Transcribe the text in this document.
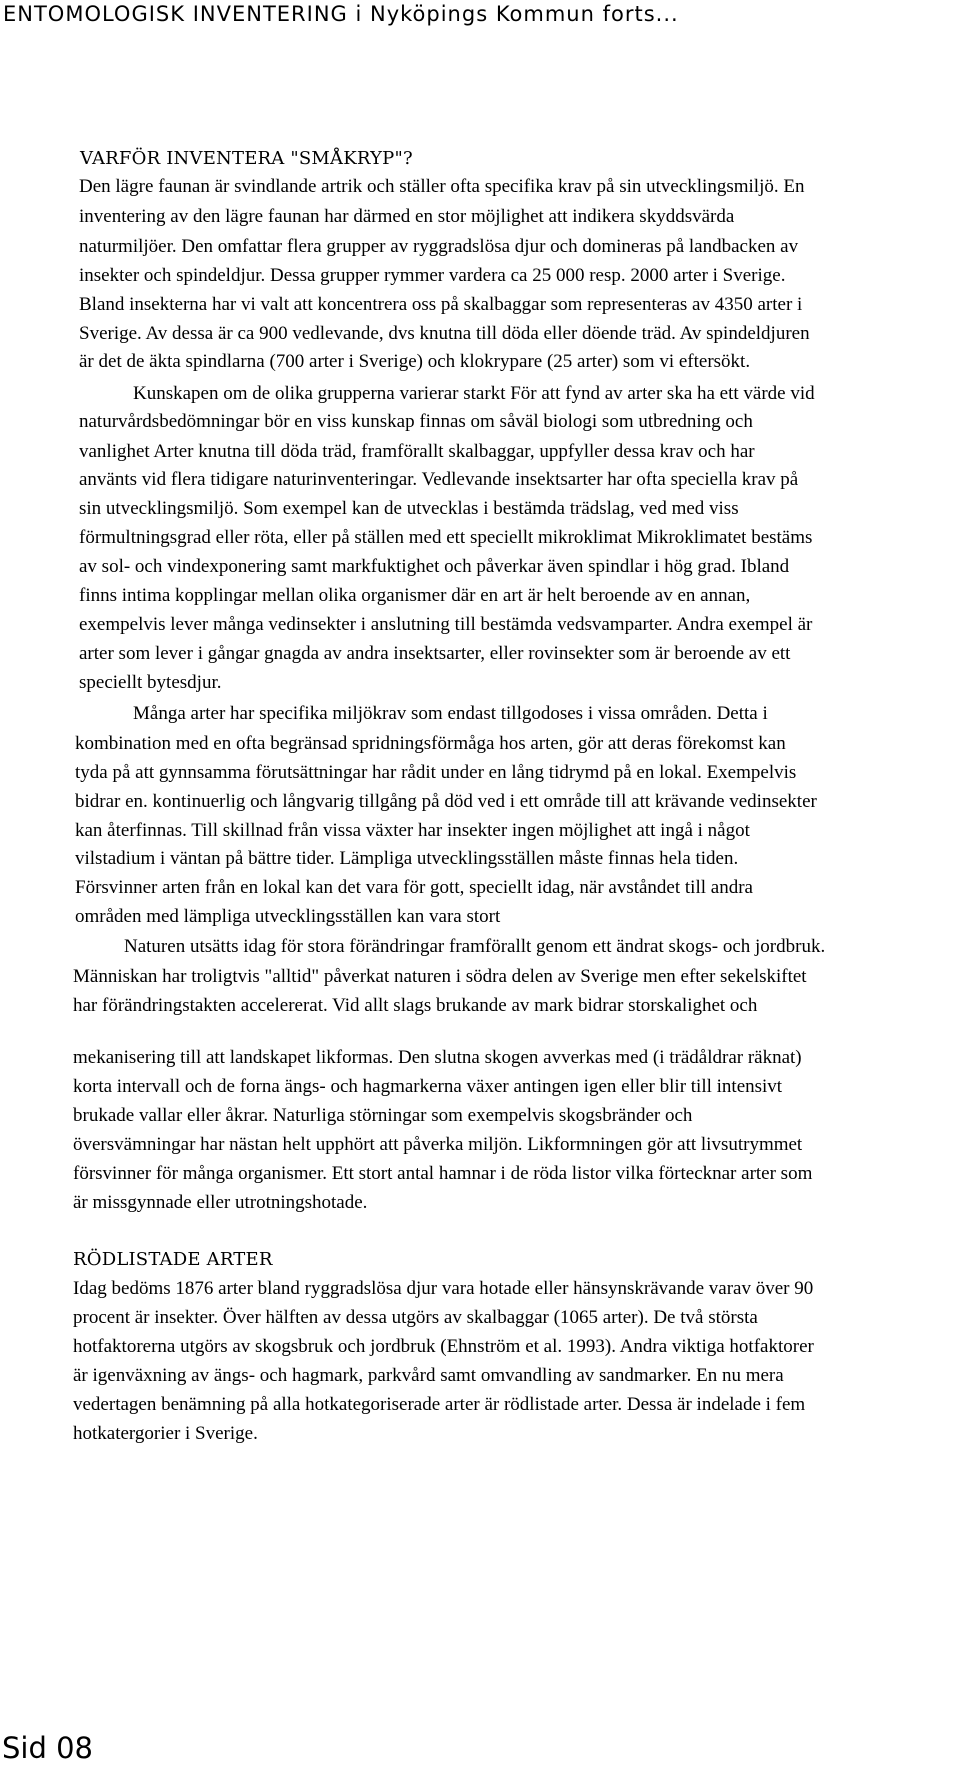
ENTOMOLOGISK INVENTERING i Nyköpings Kommun forts...
VARFÖR INVENTERA "SMÅKRYP"?
Den lägre faunan är svindlande artrik och ställer ofta specifika krav på sin utvecklingsmiljö. En
inventering av den lägre faunan har därmed en stor möjlighet att indikera skyddsvärda
naturmiljöer. Den omfattar flera grupper av ryggradslösa djur och domineras på landbacken av
insekter och spindeldjur. Dessa grupper rymmer vardera ca 25 000 resp. 2000 arter i Sverige.
Bland insekterna har vi valt att koncentrera oss på skalbaggar som representeras av 4350 arter i
Sverige. Av dessa är ca 900 vedlevande, dvs knutna till döda eller döende träd. Av spindeldjuren
är det de äkta spindlarna (700 arter i Sverige) och klokrypare (25 arter) som vi eftersökt.
Kunskapen om de olika grupperna varierar starkt För att fynd av arter ska ha ett värde vid
naturvårdsbedömningar bör en viss kunskap finnas om såväl biologi som utbredning och
vanlighet Arter knutna till döda träd, framförallt skalbaggar, uppfyller dessa krav och har
använts vid flera tidigare naturinventeringar. Vedlevande insektsarter har ofta speciella krav på
sin utvecklingsmiljö. Som exempel kan de utvecklas i bestämda trädslag, ved med viss
förmultningsgrad eller röta, eller på ställen med ett speciellt mikroklimat Mikroklimatet bestäms
av sol- och vindexponering samt markfuktighet och påverkar även spindlar i hög grad. Ibland
finns intima kopplingar mellan olika organismer där en art är helt beroende av en annan,
exempelvis lever många vedinsekter i anslutning till bestämda vedsvamparter. Andra exempel är
arter som lever i gångar gnagda av andra insektsarter, eller rovinsekter som är beroende av ett
speciellt bytesdjur.
Många arter har specifika miljökrav som endast tillgodoses i vissa områden. Detta i
kombination med en ofta begränsad spridningsförmåga hos arten, gör att deras förekomst kan
tyda på att gynnsamma förutsättningar har rådit under en lång tidrymd på en lokal. Exempelvis
bidrar en. kontinuerlig och långvarig tillgång på död ved i ett område till att krävande vedinsekter
kan återfinnas. Till skillnad från vissa växter har insekter ingen möjlighet att ingå i något
vilstadium i väntan på bättre tider. Lämpliga utvecklingsställen måste finnas hela tiden.
Försvinner arten från en lokal kan det vara för gott, speciellt idag, när avståndet till andra
områden med lämpliga utvecklingsställen kan vara stort
Naturen utsätts idag för stora förändringar framförallt genom ett ändrat skogs- och jordbruk.
Människan har troligtvis "alltid" påverkat naturen i södra delen av Sverige men efter sekelskiftet
har förändringstakten accelererat. Vid allt slags brukande av mark bidrar storskalighet och
mekanisering till att landskapet likformas. Den slutna skogen avverkas med (i trädåldrar räknat)
korta intervall och de forna ängs- och hagmarkerna växer antingen igen eller blir till intensivt
brukade vallar eller åkrar. Naturliga störningar som exempelvis skogsbränder och
översvämningar har nästan helt upphört att påverka miljön. Likformningen gör att livsutrymmet
försvinner för många organismer. Ett stort antal hamnar i de röda listor vilka förtecknar arter som
är missgynnade eller utrotningshotade.
RÖDLISTADE ARTER
Idag bedöms 1876 arter bland ryggradslösa djur vara hotade eller hänsynskrävande varav över 90
procent är insekter. Över hälften av dessa utgörs av skalbaggar (1065 arter). De två största
hotfaktorerna utgörs av skogsbruk och jordbruk (Ehnström et al. 1993). Andra viktiga hotfaktorer
är igenväxning av ängs- och hagmark, parkvård samt omvandling av sandmarker. En nu mera
vedertagen benämning på alla hotkategoriserade arter är rödlistade arter. Dessa är indelade i fem
hotkatergorier i Sverige.
Sid 08
